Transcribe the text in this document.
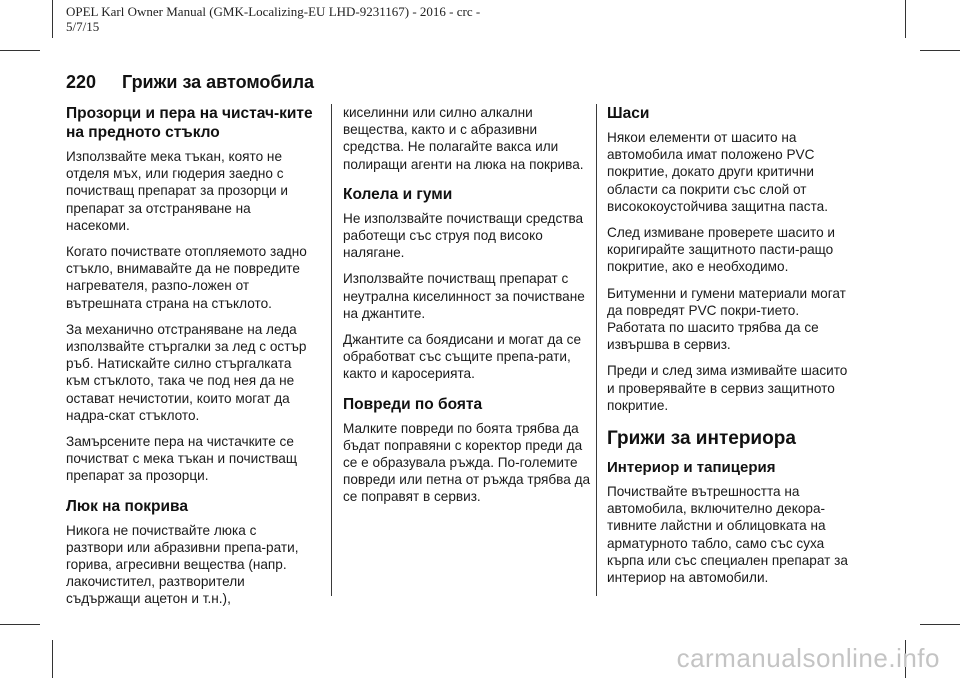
OPEL Karl Owner Manual (GMK-Localizing-EU LHD-9231167) - 2016 - crc - 5/7/15
220 Грижи за автомобила
Прозорци и пера на чистач-ките на предното стъкло

Използвайте мека тъкан, която не отделя мъх, или гюдерия заедно с почистващ препарат за прозорци и препарат за отстраняване на насекоми.

Когато почиствате отопляемото задно стъкло, внимавайте да не повредите нагревателя, разпо-ложен от вътрешната страна на стъклото.

За механично отстраняване на леда използвайте стъргалки за лед с остър ръб. Натискайте силно стъргалката към стъклото, така че под нея да не остават нечистотии, които могат да надра-скат стъклото.

Замърсените пера на чистачките се почистват с мека тъкан и почистващ препарат за прозорци.

Люк на покрива

Никога не почиствайте люка с разтвори или абразивни препа-рати, горива, агресивни вещества (напр. лакочистител, разтворители съдържащи ацетон и т.н.),

киселинни или силно алкални вещества, както и с абразивни средства. Не полагайте вакса или полиращи агенти на люка на покрива.

Колела и гуми

Не използвайте почистващи средства работещи със струя под високо налягане.

Използвайте почистващ препарат с неутрална киселинност за почистване на джантите.

Джантите са боядисани и могат да се обработват със същите препа-рати, както и каросерията.

Повреди по боята

Малките повреди по боята трябва да бъдат поправяни с коректор преди да се е образувала ръжда. По-големите повреди или петна от ръжда трябва да се поправят в сервиз.

Шаси

Някои елементи от шасито на автомобила имат положено PVC покритие, докато други критични области са покрити със слой от висококоустойчива защитна паста.

След измиване проверете шасито и коригирайте защитното пасти-ращо покритие, ако е необходимо.

Битуменни и гумени материали могат да повредят PVC покри-тието. Работата по шасито трябва да се извършва в сервиз.

Преди и след зима измивайте шасито и проверявайте в сервиз защитното покритие.

Грижи за интериора
Интериор и тапицерия

Почиствайте вътрешността на автомобила, включително декора-тивните лайстни и облицовката на арматурното табло, само със суха кърпа или със специален препарат за интериор на автомобили.

carmanualsonline.info
